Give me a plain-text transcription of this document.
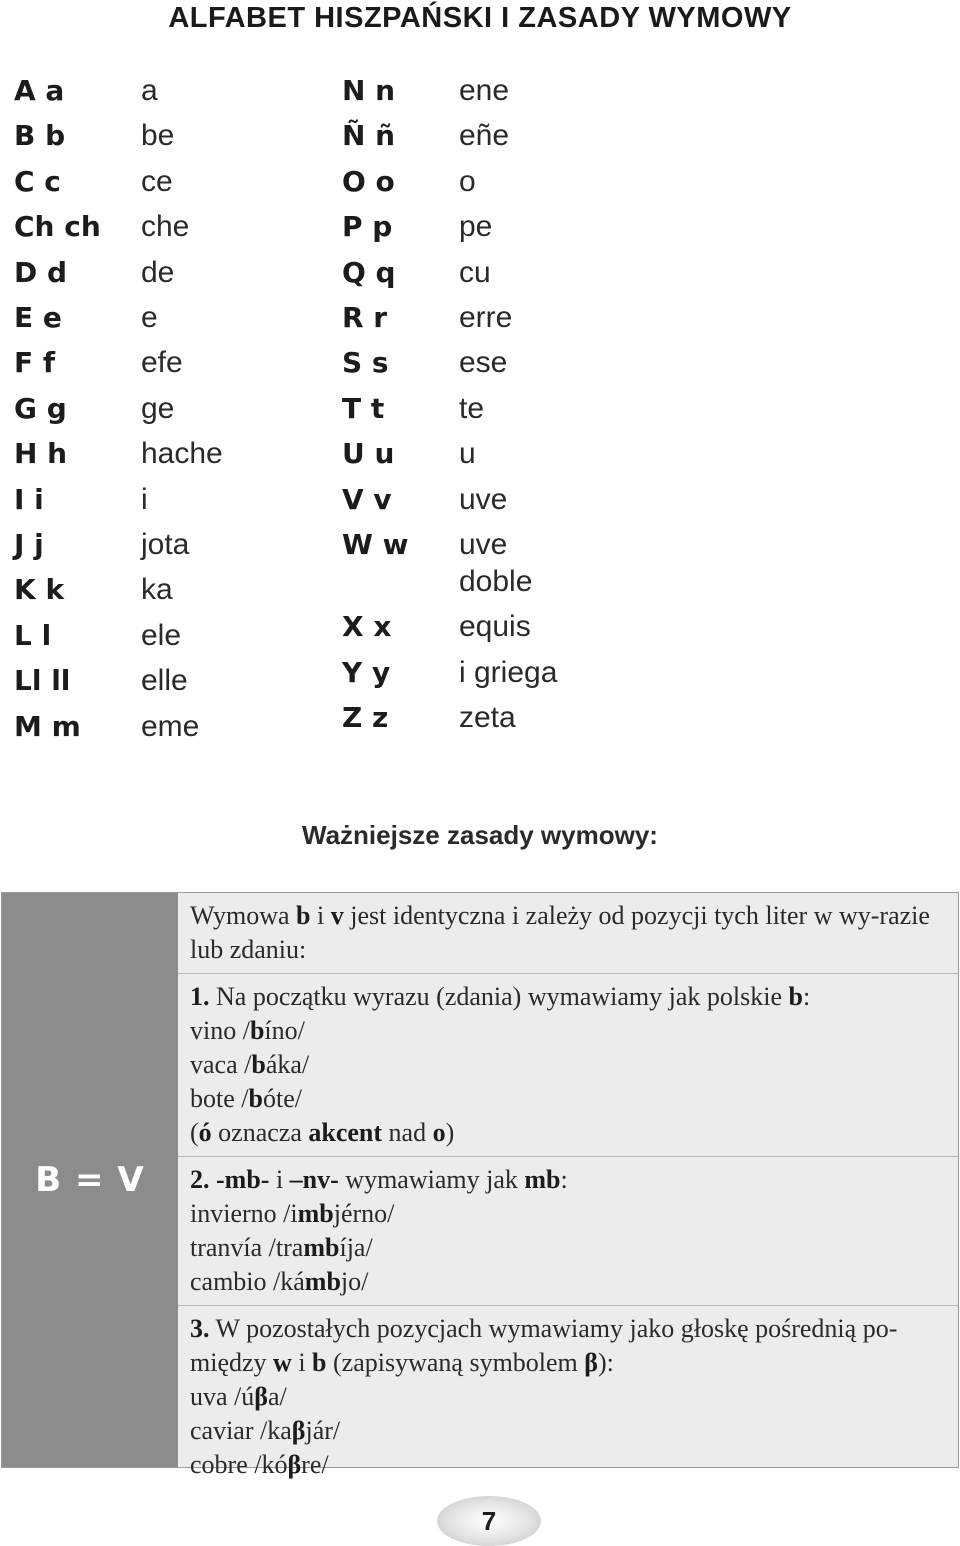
ALFABET HISZPAŃSKI I ZASADY WYMOWY
A a
B b
C c
Ch ch
D d
E e
F f
G g
H h
I i
J j
K k
L l
Ll ll
M m
a
be
ce
che
de
e
efe
ge
hache
i
jota
ka
ele
elle
eme
N n
Ñ ñ
O o
P p
Q q
R r
S s
T t
U u
V v
W w
X x
Y y
Z z
ene
eñe
o
pe
cu
erre
ese
te
u
uve
uve
doble
equis
i griega
zeta
Ważniejsze zasady wymowy:
B = V

Wymowa b i v jest identyczna i zależy od pozycji tych liter w wy-razie lub zdaniu:

1. Na początku wyrazu (zdania) wymawiamy jak polskie b:

vino /bíno/

vaca /báka/

bote /bóte/

(ó oznacza akcent nad o)

2. -mb- i –nv- wymawiamy jak mb:

invierno /imbjérno/

tranvía /trambíja/

cambio /kámbjo/

3. W pozostałych pozycjach wymawiamy jako głoskę pośrednią po-między w i b (zapisywaną symbolem β):

uva /úβa/

caviar /kaβjár/

cobre /kóβre/

7
